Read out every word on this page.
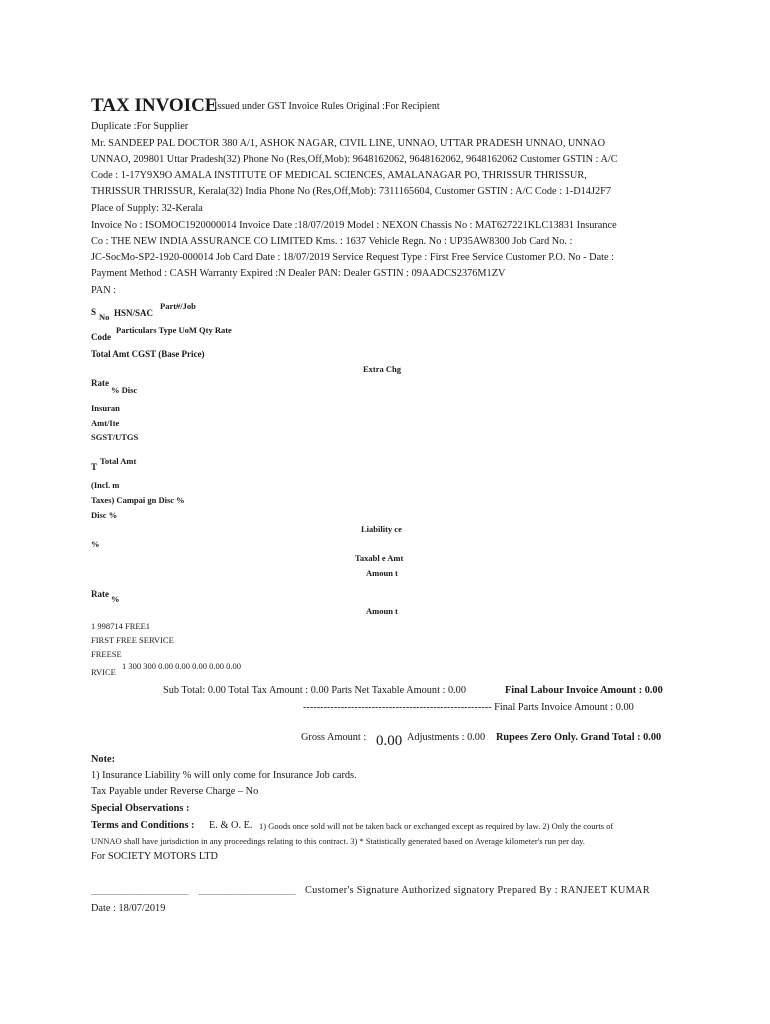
TAX INVOICE
Issued under GST Invoice Rules Original :For Recipient
Duplicate :For Supplier
Mr. SANDEEP PAL DOCTOR 380 A/1, ASHOK NAGAR, CIVIL LINE, UNNAO, UTTAR PRADESH UNNAO, UNNAO
UNNAO, 209801 Uttar Pradesh(32) Phone No (Res,Off,Mob): 9648162062, 9648162062, 9648162062 Customer GSTIN : A/C
Code : 1-17Y9X9O AMALA INSTITUTE OF MEDICAL SCIENCES, AMALANAGAR PO, THRISSUR THRISSUR,
THRISSUR THRISSUR, Kerala(32) India Phone No (Res,Off,Mob): 7311165604, Customer GSTIN : A/C Code : 1-D14J2F7
Place of Supply: 32-Kerala
Invoice No : ISOMOC1920000014 Invoice Date :18/07/2019 Model : NEXON Chassis No : MAT627221KLC13831 Insurance
Co : THE NEW INDIA ASSURANCE CO LIMITED Kms. : 1637 Vehicle Regn. No : UP35AW8300 Job Card No. :
JC-SocMo-SP2-1920-000014 Job Card Date : 18/07/2019 Service Request Type : First Free Service Customer P.O. No - Date :
Payment Method : CASH Warranty Expired :N Dealer PAN: Dealer GSTIN : 09AADCS2376M1ZV
PAN :
S No HSN/SAC
Part#/Job
Code
Particulars Type UoM Qty Rate
Total Amt CGST (Base Price)
Extra Chg
Rate
% Disc
Insuran
Amt/Ite
SGST/UTGS
T
Total Amt
(Incl. m
Taxes) Campai gn Disc %
Disc %
Liability ce
%
Taxabl e Amt
Amoun t
Rate %
Amoun t
1 998714 FREE1
FIRST FREE SERVICE
FREESE
RVICE
1 300 300 0.00 0.00 0.00 0.00 0.00
Sub Total: 0.00 Total Tax Amount : 0.00 Parts Net Taxable Amount : 0.00	Final Labour Invoice Amount : 0.00
------------------------------------------------------- Final Parts Invoice Amount : 0.00
Gross Amount : 0.00 Adjustments : 0.00 Rupees Zero Only. Grand Total : 0.00
Note:
1) Insurance Liability % will only come for Insurance Job cards.
Tax Payable under Reverse Charge – No
Special Observations :
Terms and Conditions : E. & O. E. 1) Goods once sold will not be taken back or exchanged except as required by law. 2) Only the courts of
UNNAO shall have jurisdiction in any proceedings relating to this contract. 3) * Statistically generated based on Average kilometer's run per day.
For SOCIETY MOTORS LTD
___________________ ___________________ Customer's Signature Authorized signatory Prepared By : RANJEET KUMAR
Date : 18/07/2019
